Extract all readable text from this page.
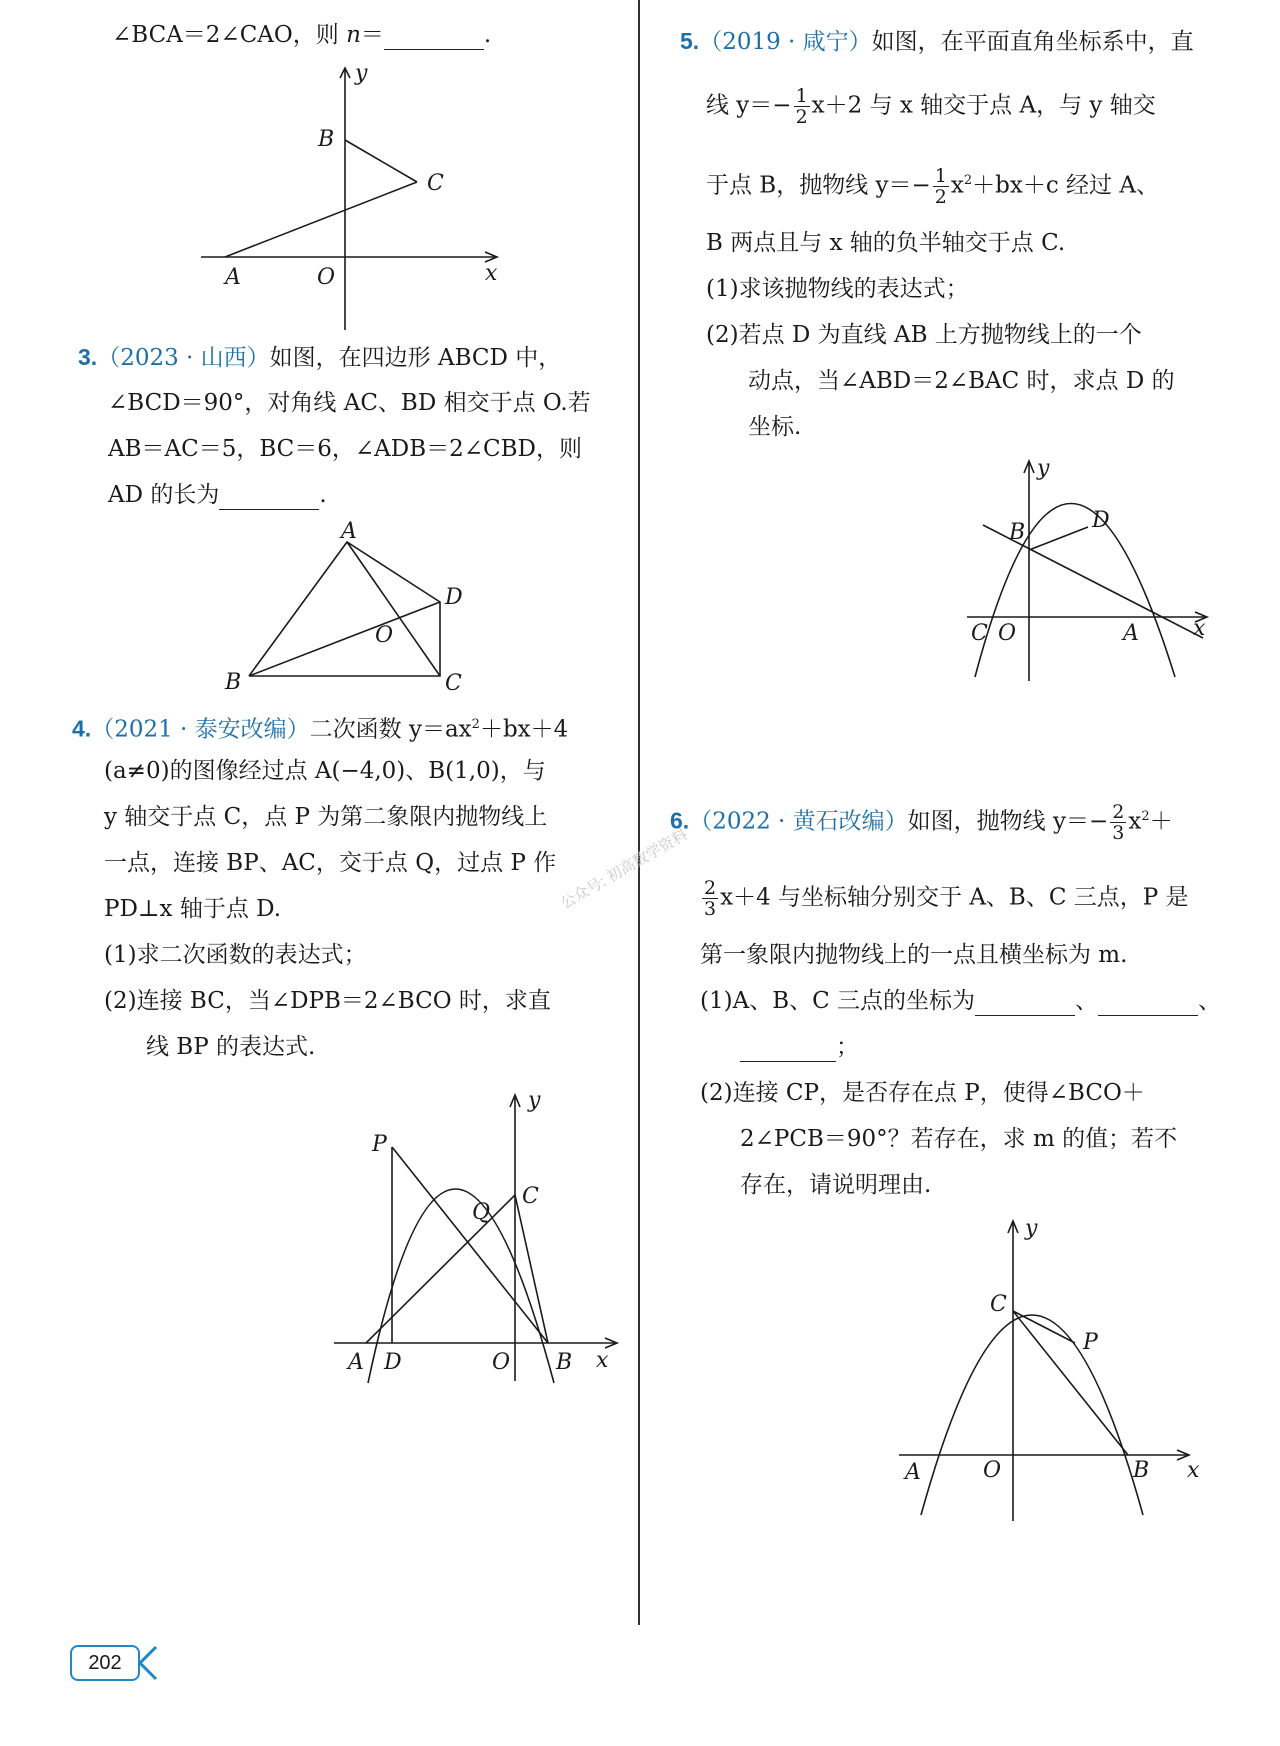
∠BCA＝2∠CAO，则 n＝	.
y
B
C
A	O	x
3.（2023 · 山西）如图，在四边形 ABCD 中，
∠BCD＝90°，对角线 AC、BD 相交于点 O.若
AB＝AC＝5，BC＝6，∠ADB＝2∠CBD，则
AD 的长为	.
A
B	C
D
O
4.（2021 · 泰安改编）二次函数 $y=ax^2+bx+4$
(a≠0)的图像经过点 A(−4,0)、B(1,0)，与
y 轴交于点 C，点 P 为第二象限内抛物线上
一点，连接 BP、AC，交于点 Q，过点 P 作
PD⊥x 轴于点 D.
(1)求二次函数的表达式；
(2)连接 BC，当∠DPB＝2∠BCO 时，求直
线 BP 的表达式.
y
P
C
Q
A D	O B x
5.（2019 · 咸宁）如图，在平面直角坐标系中，直
线 $y=- \frac{1}{2} x+2$ 与 x 轴交于点 A，与 y 轴交
于点 B，抛物线 $y=- \frac{1}{2} x^2+bx+c$ 经过 A、
B 两点且与 x 轴的负半轴交于点 C.
(1)求该抛物线的表达式；
(2)若点 D 为直线 AB 上方抛物线上的一个
动点，当∠ABD＝2∠BAC 时，求点 D 的
坐标.
y
B	D
C O	A x
6.（2022 · 黄石改编）如图，抛物线 $y=- \frac{2}{3} x^2+$
$\frac{2}{3} x+4$ 与坐标轴分别交于 A、B、C 三点，P 是
第一象限内抛物线上的一点且横坐标为 m.
(1)A、B、C 三点的坐标为	、	、
；
(2)连接 CP，是否存在点 P，使得∠BCO＋
2∠PCB＝90°？若存在，求 m 的值；若不
存在，请说明理由.
y
C
P
A	O	B x
公众号: 初高数学资料
202
